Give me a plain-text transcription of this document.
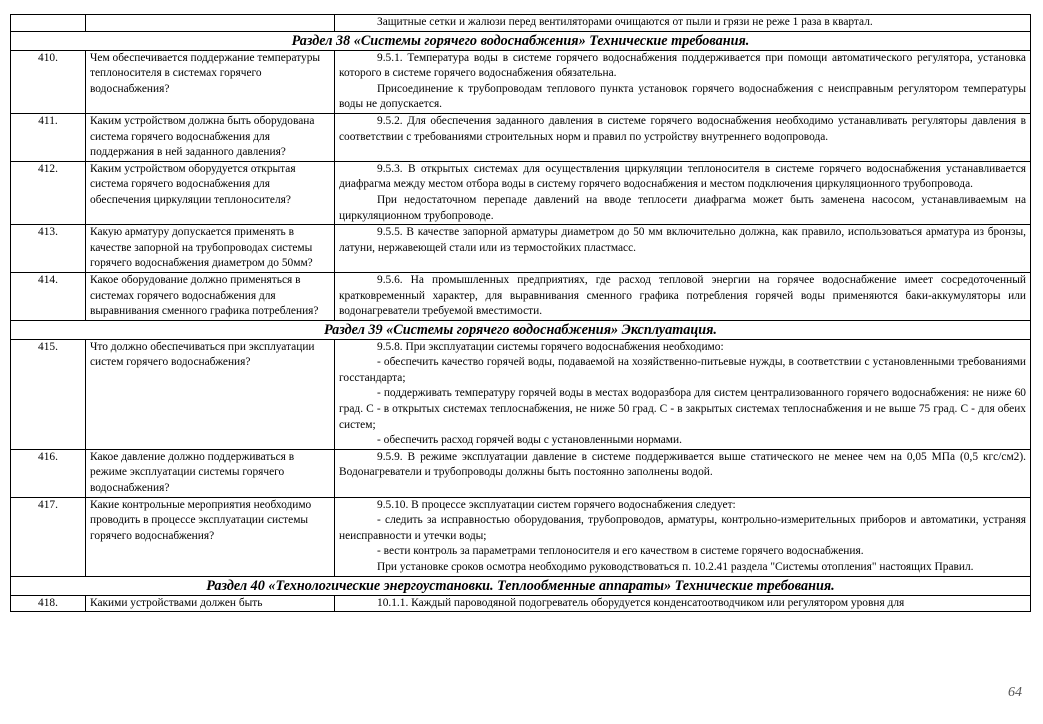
		Защитные сетки и жалюзи перед вентиляторами очищаются от пыли и грязи не реже 1 раза в квартал.

Раздел 38 «Системы горячего водоснабжения» Технические требования.		
410.	Чем обеспечивается поддержание температуры теплоносителя в системах горячего водоснабжения?	9.5.1. Температура воды в системе горячего водоснабжения поддерживается при помощи автоматического регулятора, установка которого в системе горячего водоснабжения обязательна.

Присоединение к трубопроводам теплового пункта установок горячего водоснабжения с неисправным регулятором температуры воды не допускается.

411.	Каким устройством должна быть оборудована система горячего водоснабжения для поддержания в ней заданного давления?	9.5.2. Для обеспечения заданного давления в системе горячего водоснабжения необходимо устанавливать регуляторы давления в соответствии с требованиями строительных норм и правил по устройству внутреннего водопровода.

412.	Каким устройством оборудуется открытая система горячего водоснабжения для обеспечения циркуляции теплоносителя?	9.5.3. В открытых системах для осуществления циркуляции теплоносителя в системе горячего водоснабжения устанавливается диафрагма между местом отбора воды в систему горячего водоснабжения и местом подключения циркуляционного трубопровода.

При недостаточном перепаде давлений на вводе теплосети диафрагма может быть заменена насосом, устанавливаемым на циркуляционном трубопроводе.

413.	Какую арматуру допускается применять в качестве запорной на трубопроводах системы горячего водоснабжения диаметром до 50мм?	9.5.5. В качестве запорной арматуры диаметром до 50 мм включительно должна, как правило, использоваться арматура из бронзы, латуни, нержавеющей стали или из термостойких пластмасс.

414.	Какое оборудование должно применяться в системах горячего водоснабжения для выравнивания сменного графика потребления?	9.5.6. На промышленных предприятиях, где расход тепловой энергии на горячее водоснабжение имеет сосредоточенный кратковременный характер, для выравнивания сменного графика потребления горячей воды применяются баки-аккумуляторы или водонагреватели требуемой вместимости.

Раздел 39 «Системы горячего водоснабжения» Эксплуатация.		
415.	Что должно обеспечиваться при эксплуатации систем горячего водоснабжения?	9.5.8. При эксплуатации системы горячего водоснабжения необходимо:

- обеспечить качество горячей воды, подаваемой на хозяйственно-питьевые нужды, в соответствии с установленными требованиями госстандарта;

- поддерживать температуру горячей воды в местах водоразбора для систем централизованного горячего водоснабжения: не ниже 60 град. С - в открытых системах теплоснабжения, не ниже 50 град. С - в закрытых системах теплоснабжения и не выше 75 град. С - для обеих систем;

- обеспечить расход горячей воды с установленными нормами.

416.	Какое давление должно поддерживаться в режиме эксплуатации системы горячего водоснабжения?	9.5.9. В режиме эксплуатации давление в системе поддерживается выше статического не менее чем на 0,05 МПа (0,5 кгс/см2). Водонагреватели и трубопроводы должны быть постоянно заполнены водой.

417.	Какие контрольные мероприятия необходимо проводить в процессе эксплуатации системы горячего водоснабжения?	9.5.10. В процессе эксплуатации систем горячего водоснабжения следует:

- следить за исправностью оборудования, трубопроводов, арматуры, контрольно-измерительных приборов и автоматики, устраняя неисправности и утечки воды;

- вести контроль за параметрами теплоносителя и его качеством в системе горячего водоснабжения.

При установке сроков осмотра необходимо руководствоваться п. 10.2.41 раздела "Системы отопления" настоящих Правил.

Раздел 40 «Технологические энергоустановки. Теплообменные аппараты» Технические требования.		
418.	Какими устройствами должен быть	10.1.1. Каждый пароводяной подогреватель оборудуется конденсатоотводчиком или регулятором уровня для

64
